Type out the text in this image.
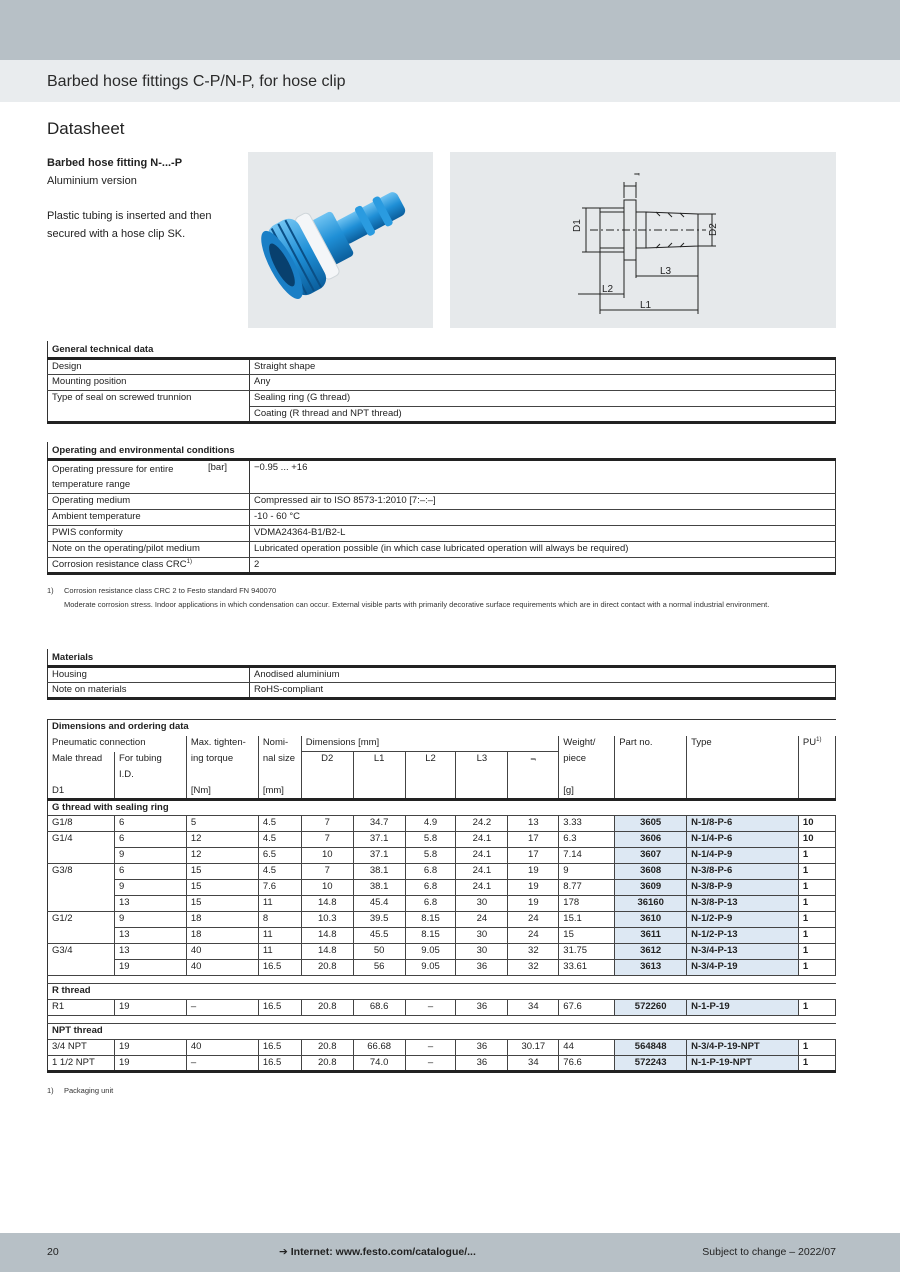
Barbed hose fittings C-P/N-P, for hose clip
Datasheet
Barbed hose fitting N-...-P
Aluminium version
Plastic tubing is inserted and then secured with a hose clip SK.
D1	D2
L1
L2
L3
⫬
General technical data	
Design	Straight shape
Mounting position	Any
Type of seal on screwed trunnion	Sealing ring (G thread)
	Coating (R thread and NPT thread)
Operating and environmental conditions	

[bar]
Operating pressure for entire temperature range	−0.95 ... +16
Operating medium	Compressed air to ISO 8573-1:2010 [7:–:–]
Ambient temperature	-10 - 60 °C
PWIS conformity	VDMA24364-B1/B2-L
Note on the operating/pilot medium	Lubricated operation possible (in which case lubricated operation will always be required)
Corrosion resistance class CRC$^{1)}$	2
1) Corrosion resistance class CRC 2 to Festo standard FN 940070
Moderate corrosion stress. Indoor applications in which condensation can occur. External visible parts with primarily decorative surface requirements which are in direct contact with a normal industrial environment.
Materials	
Housing	Anodised aluminium
Note on materials	RoHS-compliant
Dimensions and ordering data												
Pneumatic connection		Max. tighten-	Nomi-	Dimensions [mm]					Weight/	Part no.	Type	PU$^{1)}$
Male thread	For tubing	ing torque	nal size	D2	L1	L2	L3	⫬	piece			
	I.D.											
D1		[Nm]	[mm]						[g]			
G thread with sealing ring												
G1/8	6	5	4.5	7	34.7	4.9	24.2	13	3.33	3605	N-1/8-P-6	10
G1/4	6	12	4.5	7	37.1	5.8	24.1	17	6.3	3606	N-1/4-P-6	10
	9	12	6.5	10	37.1	5.8	24.1	17	7.14	3607	N-1/4-P-9	1
G3/8	6	15	4.5	7	38.1	6.8	24.1	19	9	3608	N-3/8-P-6	1
	9	15	7.6	10	38.1	6.8	24.1	19	8.77	3609	N-3/8-P-9	1
	13	15	11	14.8	45.4	6.8	30	19	178	36160	N-3/8-P-13	1
G1/2	9	18	8	10.3	39.5	8.15	24	24	15.1	3610	N-1/2-P-9	1
	13	18	11	14.8	45.5	8.15	30	24	15	3611	N-1/2-P-13	1
G3/4	13	40	11	14.8	50	9.05	30	32	31.75	3612	N-3/4-P-13	1
	19	40	16.5	20.8	56	9.05	36	32	33.61	3613	N-3/4-P-19	1

R thread												
R1	19	–	16.5	20.8	68.6	–	36	34	67.6	572260	N-1-P-19	1

NPT thread												
3/4 NPT	19	40	16.5	20.8	66.68	–	36	30.17	44	564848	N-3/4-P-19-NPT	1
1 1/2 NPT	19	–	16.5	20.8	74.0	–	36	34	76.6	572243	N-1-P-19-NPT	1
1) Packaging unit
20	➔ Internet: www.festo.com/catalogue/...	Subject to change – 2022/07
